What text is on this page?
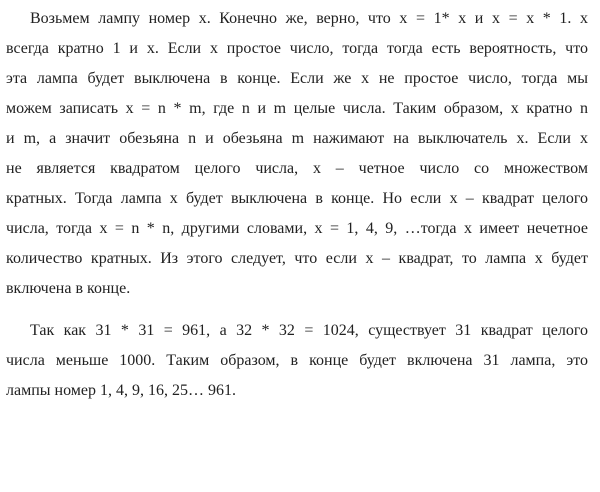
Возьмем лампу номер x. Конечно же, верно, что x = 1* x и x = x * 1. x
всегда кратно 1 и x. Если x простое число, тогда тогда есть вероятность, что
эта лампа будет выключена в конце. Если же x не простое число, тогда мы
можем записать x = n * m, где n и m целые числа. Таким образом, x кратно n
и m, а значит обезьяна n и обезьяна m нажимают на выключатель x. Если x
не является квадратом целого числа, x – четное число со множеством
кратных. Тогда лампа x будет выключена в конце. Но если x – квадрат целого
числа, тогда x = n * n, другими словами, x = 1, 4, 9, …тогда x имеет нечетное
количество кратных. Из этого следует, что если x – квадрат, то лампа x будет
включена в конце.
Так как 31 * 31 = 961, а 32 * 32 = 1024, существует 31 квадрат целого
числа меньше 1000. Таким образом, в конце будет включена 31 лампа, это
лампы номер 1, 4, 9, 16, 25… 961.
